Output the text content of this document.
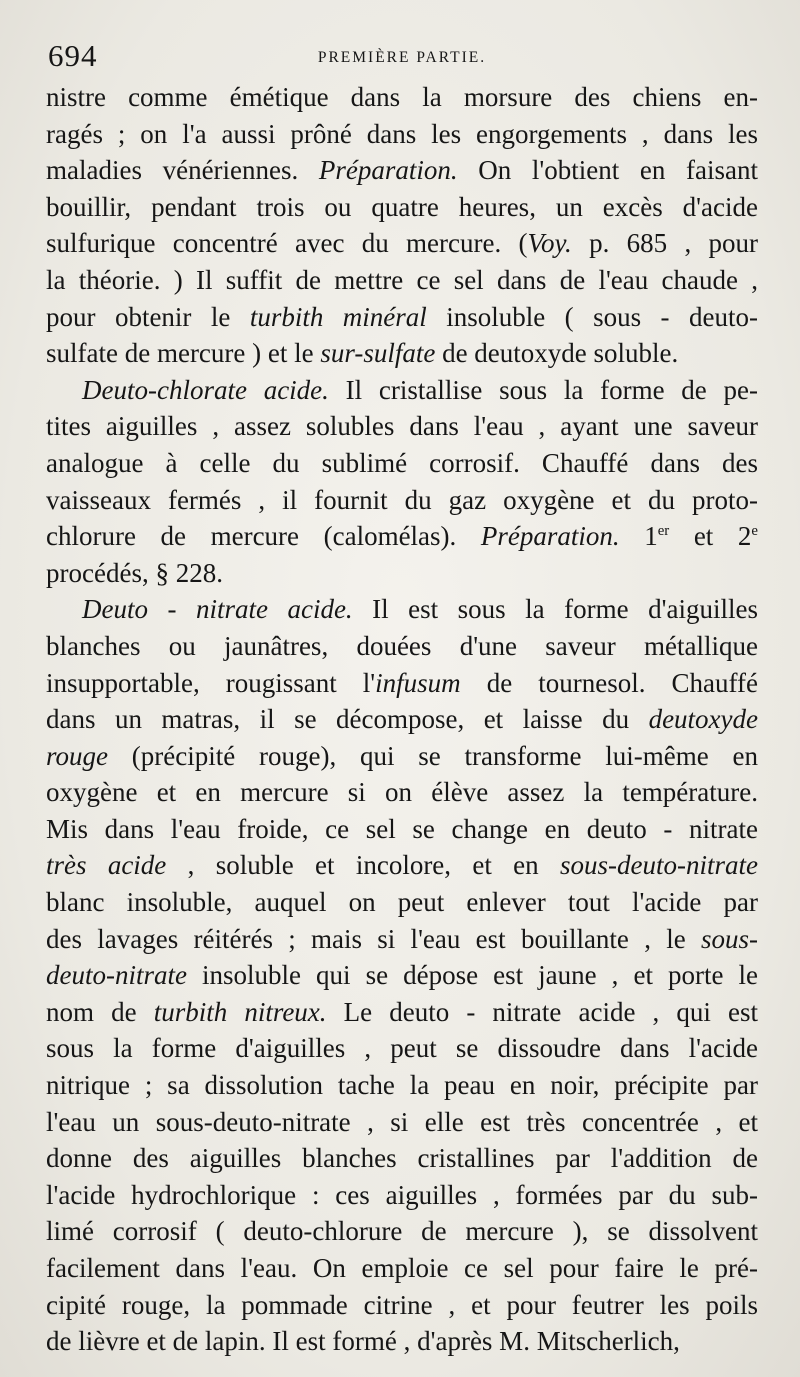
694	PREMIÈRE PARTIE.
nistre comme émétique dans la morsure des chiens en-
ragés ; on l'a aussi prôné dans les engorgements , dans les
maladies vénériennes. Préparation. On l'obtient en faisant
bouillir, pendant trois ou quatre heures, un excès d'acide
sulfurique concentré avec du mercure. (Voy. p. 685 , pour
la théorie. ) Il suffit de mettre ce sel dans de l'eau chaude ,
pour obtenir le turbith minéral insoluble ( sous - deuto-
sulfate de mercure ) et le sur-sulfate de deutoxyde soluble.
Deuto-chlorate acide. Il cristallise sous la forme de pe-
tites aiguilles , assez solubles dans l'eau , ayant une saveur
analogue à celle du sublimé corrosif. Chauffé dans des
vaisseaux fermés , il fournit du gaz oxygène et du proto-
chlorure de mercure (calomélas). Préparation. 1er et 2e
procédés, § 228.
Deuto - nitrate acide. Il est sous la forme d'aiguilles
blanches ou jaunâtres, douées d'une saveur métallique
insupportable, rougissant l'infusum de tournesol. Chauffé
dans un matras, il se décompose, et laisse du deutoxyde
rouge (précipité rouge), qui se transforme lui-même en
oxygène et en mercure si on élève assez la température.
Mis dans l'eau froide, ce sel se change en deuto - nitrate
très acide , soluble et incolore, et en sous-deuto-nitrate
blanc insoluble, auquel on peut enlever tout l'acide par
des lavages réitérés ; mais si l'eau est bouillante , le sous-
deuto-nitrate insoluble qui se dépose est jaune , et porte le
nom de turbith nitreux. Le deuto - nitrate acide , qui est
sous la forme d'aiguilles , peut se dissoudre dans l'acide
nitrique ; sa dissolution tache la peau en noir, précipite par
l'eau un sous-deuto-nitrate , si elle est très concentrée , et
donne des aiguilles blanches cristallines par l'addition de
l'acide hydrochlorique : ces aiguilles , formées par du sub-
limé corrosif ( deuto-chlorure de mercure ), se dissolvent
facilement dans l'eau. On emploie ce sel pour faire le pré-
cipité rouge, la pommade citrine , et pour feutrer les poils
de lièvre et de lapin. Il est formé , d'après M. Mitscherlich,
